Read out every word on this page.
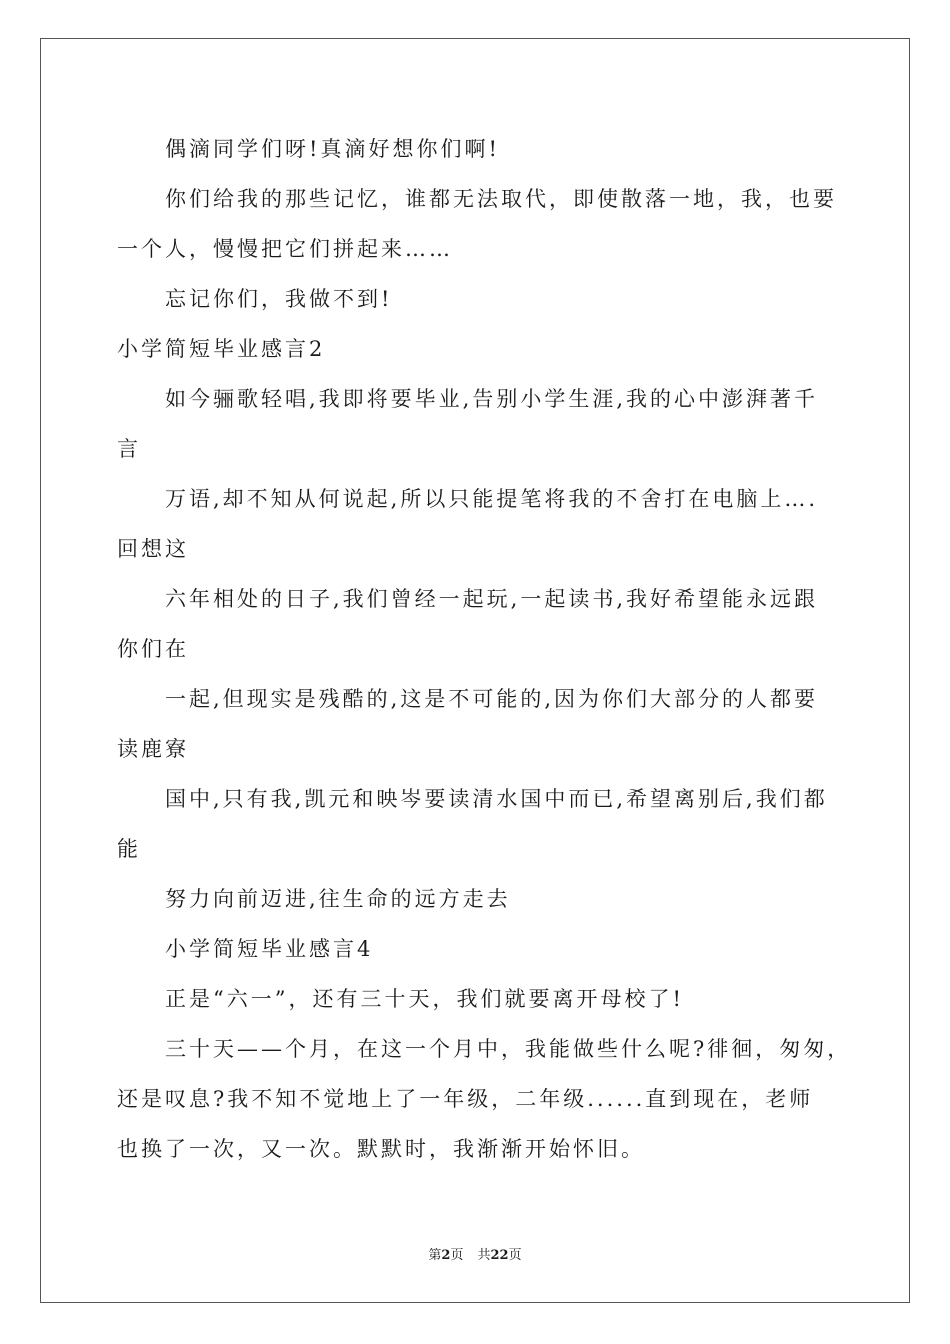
偶滴同学们呀!真滴好想你们啊!
你们给我的那些记忆，谁都无法取代，即使散落一地，我，也要
一个人，慢慢把它们拼起来……
忘记你们，我做不到!
小学简短毕业感言2
如今骊歌轻唱,我即将要毕业,告别小学生涯,我的心中澎湃著千
言
万语,却不知从何说起,所以只能提笔将我的不舍打在电脑上….
回想这
六年相处的日子,我们曾经一起玩,一起读书,我好希望能永远跟
你们在
一起,但现实是残酷的,这是不可能的,因为你们大部分的人都要
读鹿寮
国中,只有我,凯元和映岑要读清水国中而已,希望离别后,我们都
能
努力向前迈进,往生命的远方走去
小学简短毕业感言4
正是“六一”，还有三十天，我们就要离开母校了!
三十天——个月，在这一个月中，我能做些什么呢?徘徊，匆匆，
还是叹息?我不知不觉地上了一年级，二年级......直到现在，老师
也换了一次，又一次。默默时，我渐渐开始怀旧。
第2页 共22页
